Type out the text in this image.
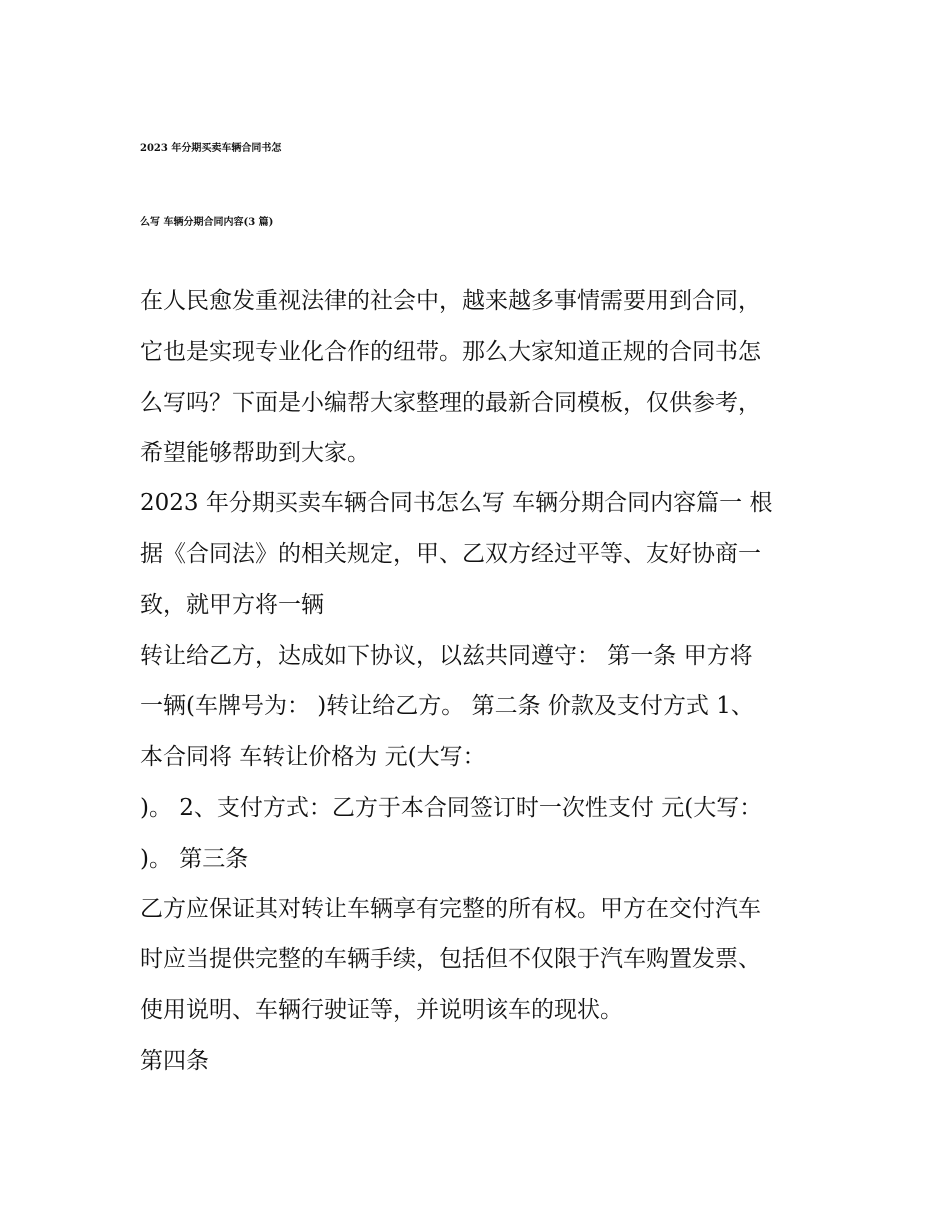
2023 年分期买卖车辆合同书怎
么写 车辆分期合同内容(3 篇)

在人民愈发重视法律的社会中，越来越多事情需要用到合同，

它也是实现专业化合作的纽带。那么大家知道正规的合同书怎

么写吗？下面是小编帮大家整理的最新合同模板，仅供参考，

希望能够帮助到大家。

2023 年分期买卖车辆合同书怎么写 车辆分期合同内容篇一 根

据《合同法》的相关规定，甲、乙双方经过平等、友好协商一

致，就甲方将一辆

转让给乙方，达成如下协议，以兹共同遵守： 第一条 甲方将

一辆(车牌号为： )转让给乙方。 第二条 价款及支付方式 1、

本合同将 车转让价格为 元(大写：

)。 2、支付方式：乙方于本合同签订时一次性支付 元(大写：

)。 第三条

乙方应保证其对转让车辆享有完整的所有权。甲方在交付汽车

时应当提供完整的车辆手续，包括但不仅限于汽车购置发票、

使用说明、车辆行驶证等，并说明该车的现状。

第四条
